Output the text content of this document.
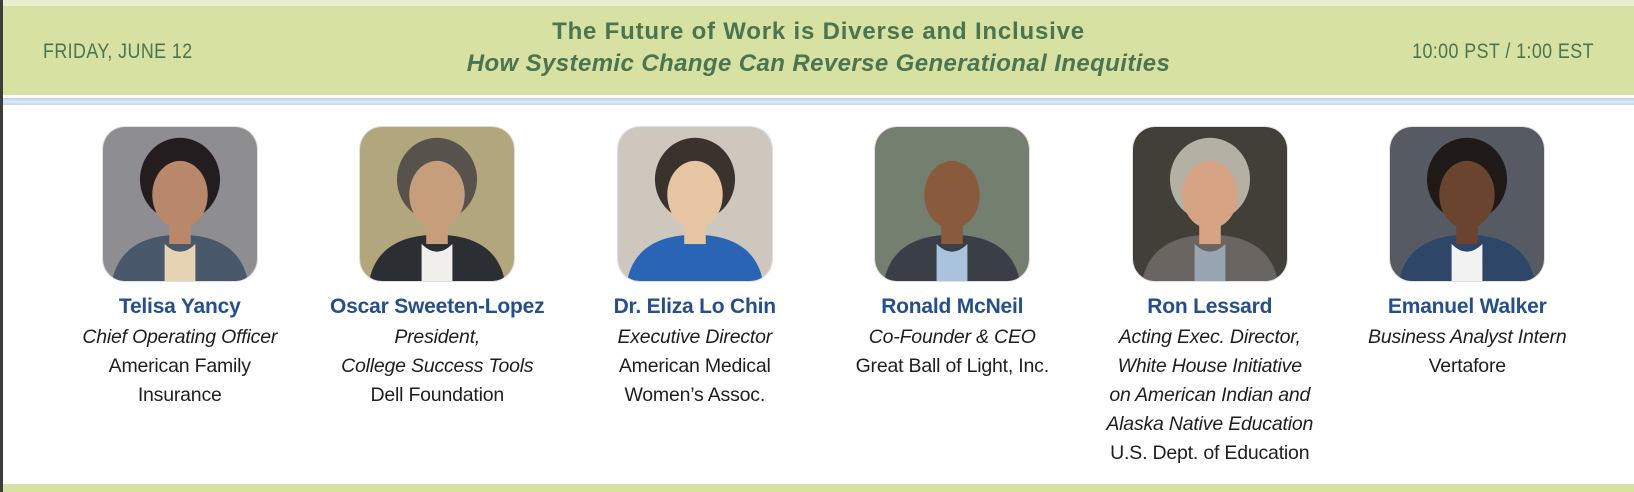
FRIDAY, JUNE 12
The Future of Work is Diverse and Inclusive
How Systemic Change Can Reverse Generational Inequities	10:00 PST / 1:00 EST
Telisa Yancy
Chief Operating Officer
American Family
Insurance
Oscar Sweeten-Lopez
President,
College Success Tools
Dell Foundation
Dr. Eliza Lo Chin
Executive Director
American Medical
Women’s Assoc.
Ronald McNeil
Co-Founder & CEO
Great Ball of Light, Inc.
Ron Lessard
Acting Exec. Director,
White House Initiative
on American Indian and
Alaska Native Education
U.S. Dept. of Education
Emanuel Walker
Business Analyst Intern
Vertafore
